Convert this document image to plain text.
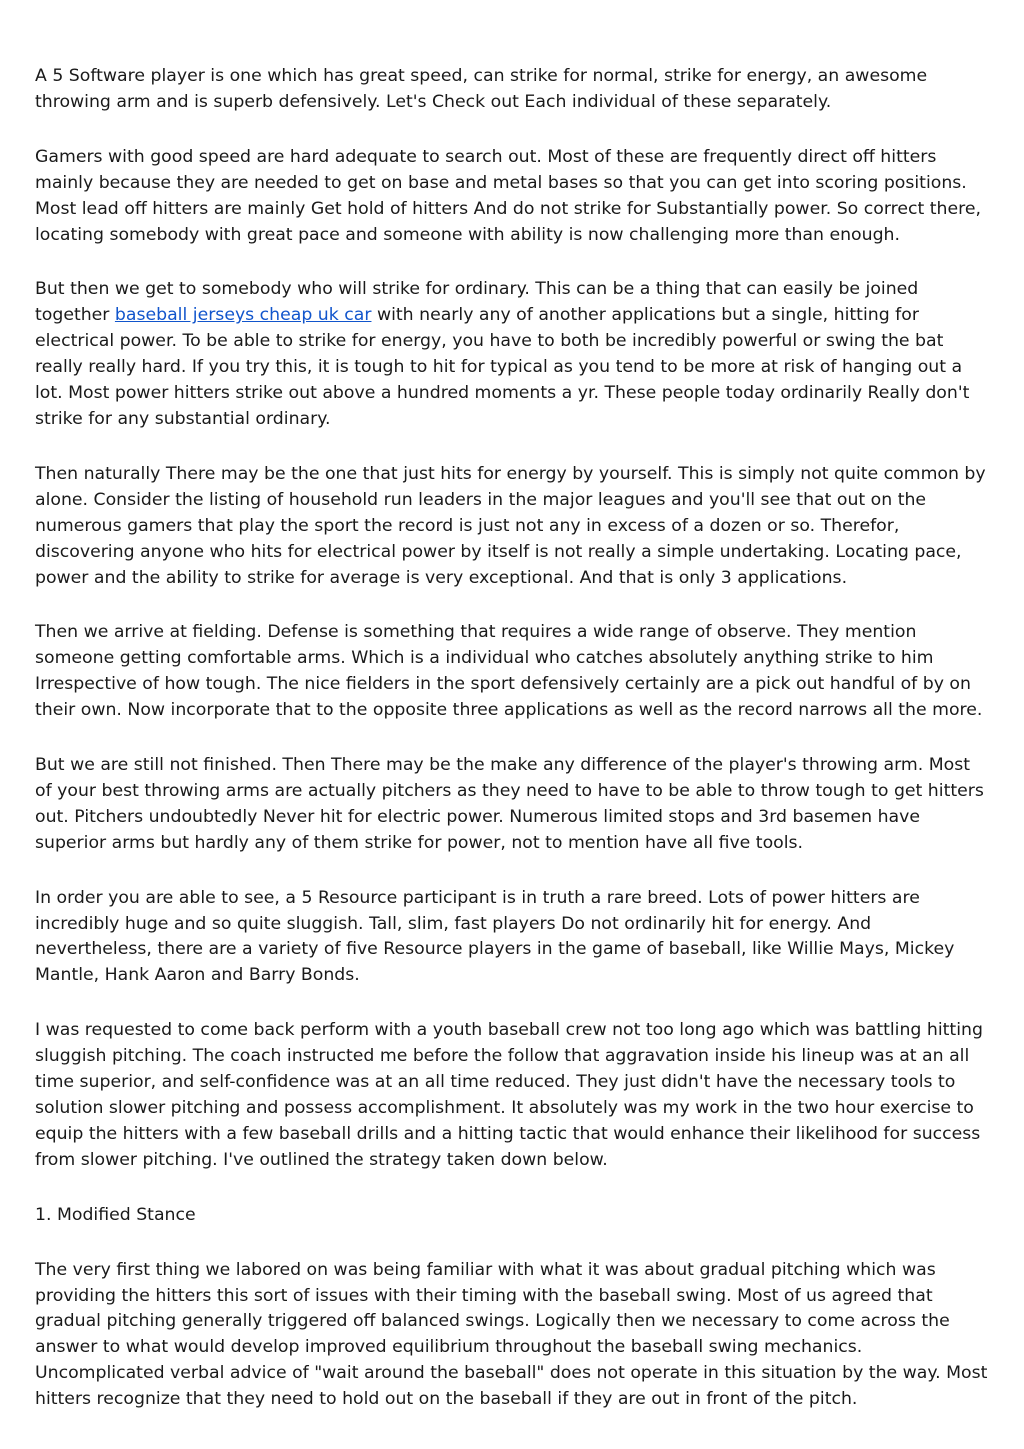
A 5 Software player is one which has great speed, can strike for normal, strike for energy, an awesome throwing arm and is superb defensively. Let's Check out Each individual of these separately.

Gamers with good speed are hard adequate to search out. Most of these are frequently direct off hitters mainly because they are needed to get on base and metal bases so that you can get into scoring positions. Most lead off hitters are mainly Get hold of hitters And do not strike for Substantially power. So correct there, locating somebody with great pace and someone with ability is now challenging more than enough.

But then we get to somebody who will strike for ordinary. This can be a thing that can easily be joined together baseball jerseys cheap uk car with nearly any of another applications but a single, hitting for electrical power. To be able to strike for energy, you have to both be incredibly powerful or swing the bat really really hard. If you try this, it is tough to hit for typical as you tend to be more at risk of hanging out a lot. Most power hitters strike out above a hundred moments a yr. These people today ordinarily Really don't strike for any substantial ordinary.

Then naturally There may be the one that just hits for energy by yourself. This is simply not quite common by alone. Consider the listing of household run leaders in the major leagues and you'll see that out on the numerous gamers that play the sport the record is just not any in excess of a dozen or so. Therefor, discovering anyone who hits for electrical power by itself is not really a simple undertaking. Locating pace, power and the ability to strike for average is very exceptional. And that is only 3 applications.

Then we arrive at fielding. Defense is something that requires a wide range of observe. They mention someone getting comfortable arms. Which is a individual who catches absolutely anything strike to him Irrespective of how tough. The nice fielders in the sport defensively certainly are a pick out handful of by on their own. Now incorporate that to the opposite three applications as well as the record narrows all the more.

But we are still not finished. Then There may be the make any difference of the player's throwing arm. Most of your best throwing arms are actually pitchers as they need to have to be able to throw tough to get hitters out. Pitchers undoubtedly Never hit for electric power. Numerous limited stops and 3rd basemen have superior arms but hardly any of them strike for power, not to mention have all five tools.

In order you are able to see, a 5 Resource participant is in truth a rare breed. Lots of power hitters are incredibly huge and so quite sluggish. Tall, slim, fast players Do not ordinarily hit for energy. And nevertheless, there are a variety of five Resource players in the game of baseball, like Willie Mays, Mickey Mantle, Hank Aaron and Barry Bonds.

I was requested to come back perform with a youth baseball crew not too long ago which was battling hitting sluggish pitching. The coach instructed me before the follow that aggravation inside his lineup was at an all time superior, and self-confidence was at an all time reduced. They just didn't have the necessary tools to solution slower pitching and possess accomplishment. It absolutely was my work in the two hour exercise to equip the hitters with a few baseball drills and a hitting tactic that would enhance their likelihood for success from slower pitching. I've outlined the strategy taken down below.

1. Modified Stance

The very first thing we labored on was being familiar with what it was about gradual pitching which was providing the hitters this sort of issues with their timing with the baseball swing. Most of us agreed that gradual pitching generally triggered off balanced swings. Logically then we necessary to come across the answer to what would develop improved equilibrium throughout the baseball swing mechanics. Uncomplicated verbal advice of "wait around the baseball" does not operate in this situation by the way. Most hitters recognize that they need to hold out on the baseball if they are out in front of the pitch.
